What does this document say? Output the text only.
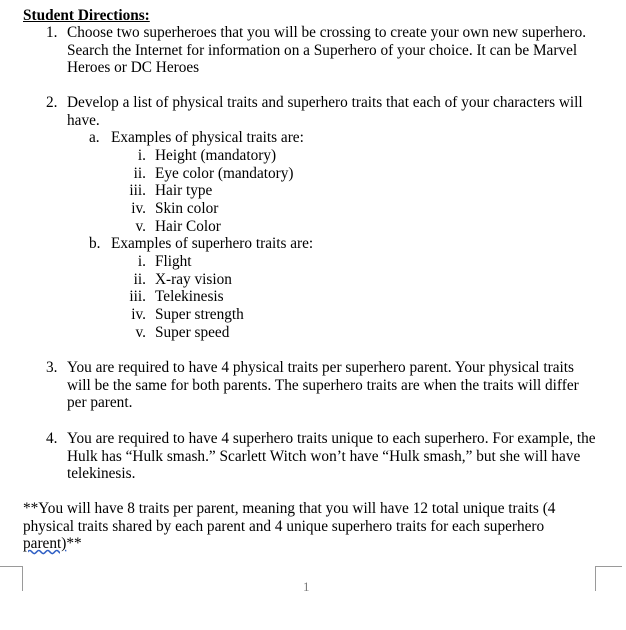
Student Directions:
1. Choose two superheroes that you will be crossing to create your own new superhero. Search the Internet for information on a Superhero of your choice. It can be Marvel Heroes or DC Heroes
2. Develop a list of physical traits and superhero traits that each of your characters will have.
a. Examples of physical traits are:
i. Height (mandatory)
ii. Eye color (mandatory)
iii. Hair type
iv. Skin color
v. Hair Color
b. Examples of superhero traits are:
i. Flight
ii. X-ray vision
iii. Telekinesis
iv. Super strength
v. Super speed
3. You are required to have 4 physical traits per superhero parent. Your physical traits will be the same for both parents. The superhero traits are when the traits will differ per parent.
4. You are required to have 4 superhero traits unique to each superhero. For example, the Hulk has “Hulk smash.” Scarlett Witch won’t have “Hulk smash,” but she will have telekinesis.
**You will have 8 traits per parent, meaning that you will have 12 total unique traits (4 physical traits shared by each parent and 4 unique superhero traits for each superhero parent)**
1
